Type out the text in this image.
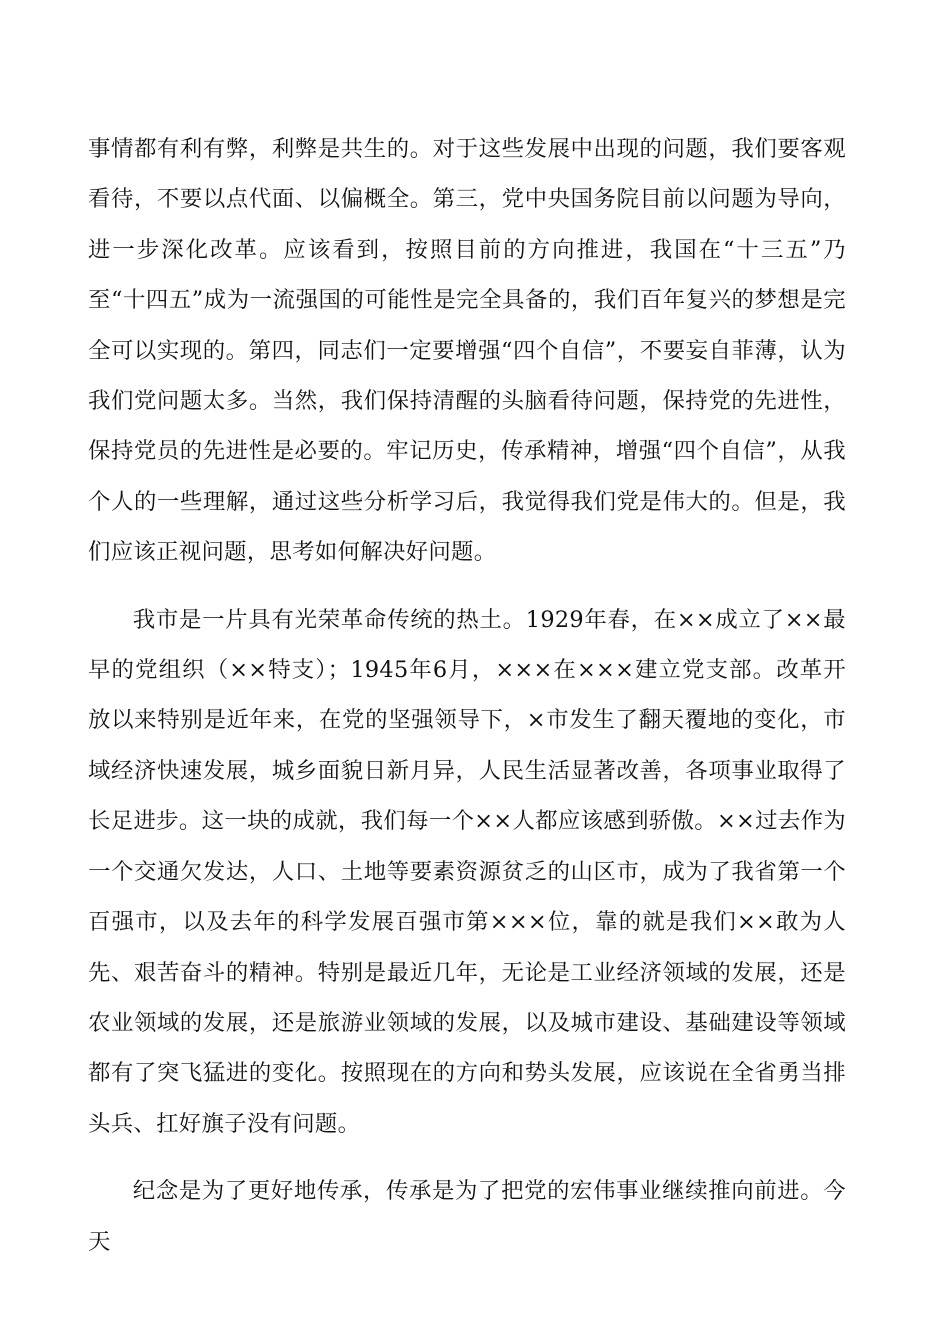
事情都有利有弊，利弊是共生的。对于这些发展中出现的问题，我们要客观看待，不要以点代面、以偏概全。第三，党中央国务院目前以问题为导向，进一步深化改革。应该看到，按照目前的方向推进，我国在“十三五”乃至“十四五”成为一流强国的可能性是完全具备的，我们百年复兴的梦想是完全可以实现的。第四，同志们一定要增强“四个自信”，不要妄自菲薄，认为我们党问题太多。当然，我们保持清醒的头脑看待问题，保持党的先进性，保持党员的先进性是必要的。牢记历史，传承精神，增强“四个自信”，从我个人的一些理解，通过这些分析学习后，我觉得我们党是伟大的。但是，我们应该正视问题，思考如何解决好问题。

我市是一片具有光荣革命传统的热土。1929年春，在××成立了××最早的党组织（××特支）；1945年6月，×××在×××建立党支部。改革开放以来特别是近年来，在党的坚强领导下，×市发生了翻天覆地的变化，市域经济快速发展，城乡面貌日新月异，人民生活显著改善，各项事业取得了长足进步。这一块的成就，我们每一个××人都应该感到骄傲。××过去作为一个交通欠发达，人口、土地等要素资源贫乏的山区市，成为了我省第一个百强市，以及去年的科学发展百强市第×××位，靠的就是我们××敢为人先、艰苦奋斗的精神。特别是最近几年，无论是工业经济领域的发展，还是农业领域的发展，还是旅游业领域的发展，以及城市建设、基础建设等领域都有了突飞猛进的变化。按照现在的方向和势头发展，应该说在全省勇当排头兵、扛好旗子没有问题。

纪念是为了更好地传承，传承是为了把党的宏伟事业继续推向前进。今天
